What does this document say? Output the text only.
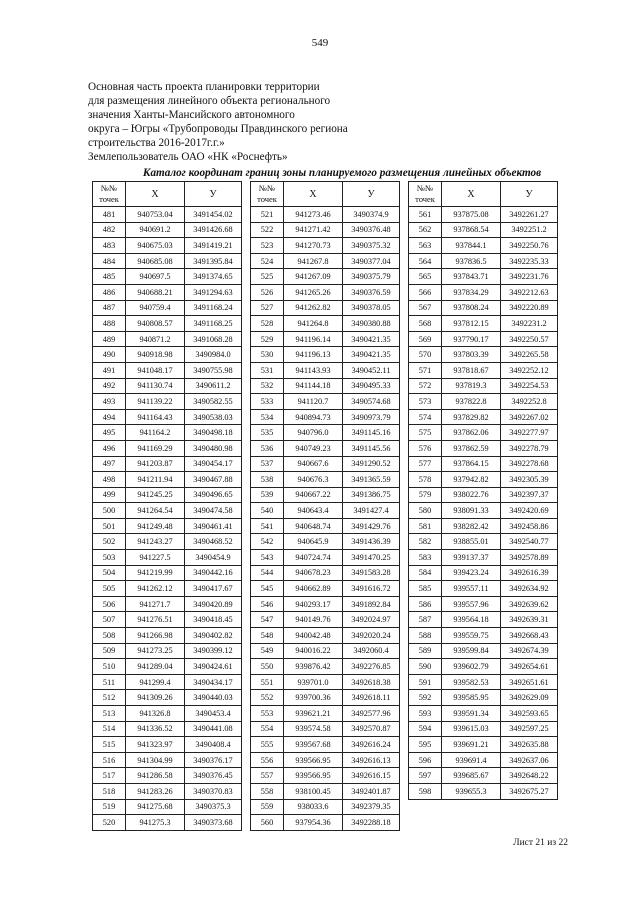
549
Основная часть проекта планировки территории
для размещения линейного объекта регионального
значения Ханты-Мансийского автономного
округа – Югры «Трубопроводы Правдинского региона
строительства 2016-2017г.г.»
Землепользователь ОАО «НК «Роснефть»
Каталог координат границ зоны планируемого размещения линейных объектов
№№
точек	X	У
481	940753.04	3491454.02
482	940691.2	3491426.68
483	940675.03	3491419.21
484	940685.08	3491395.84
485	940697.5	3491374.65
486	940688.21	3491294.63
487	940759.4	3491168.24
488	940808.57	3491168.25
489	940871.2	3491068.28
490	940918.98	3490984.0
491	941048.17	3490755.98
492	941130.74	3490611.2
493	941139.22	3490582.55
494	941164.43	3490538.03
495	941164.2	3490498.18
496	941169.29	3490480.98
497	941203.87	3490454.17
498	941211.94	3490467.88
499	941245.25	3490496.65
500	941264.54	3490474.58
501	941249.48	3490461.41
502	941243.27	3490468.52
503	941227.5	3490454.9
504	941219.99	3490442.16
505	941262.12	3490417.67
506	941271.7	3490420.89
507	941276.51	3490418.45
508	941266.98	3490402.82
509	941273.25	3490399.12
510	941289.04	3490424.61
511	941299.4	3490434.17
512	941309.26	3490440.03
513	941326.8	3490453.4
514	941336.52	3490441.08
515	941323.97	3490408.4
516	941304.99	3490376.17
517	941286.58	3490376.45
518	941283.26	3490370.83
519	941275.68	3490375.3
520	941275.3	3490373.68
№№
точек	X	У
521	941273.46	3490374.9
522	941271.42	3490376.48
523	941270.73	3490375.32
524	941267.8	3490377.04
525	941267.09	3490375.79
526	941265.26	3490376.59
527	941262.82	3490378.05
528	941264.8	3490380.88
529	941196.14	3490421.35
530	941196.13	3490421.35
531	941143.93	3490452.11
532	941144.18	3490495.33
533	941120.7	3490574.68
534	940894.73	3490973.79
535	940796.0	3491145.16
536	940749.23	3491145.56
537	940667.6	3491290.52
538	940676.3	3491365.59
539	940667.22	3491386.75
540	940643.4	3491427.4
541	940648.74	3491429.76
542	940645.9	3491436.39
543	940724.74	3491470.25
544	940678.23	3491583.28
545	940662.89	3491616.72
546	940293.17	3491892.84
547	940149.76	3492024.97
548	940042.48	3492020.24
549	940016.22	3492060.4
550	939876.42	3492276.85
551	939701.0	3492618.38
552	939700.36	3492618.11
553	939621.21	3492577.96
554	939574.58	3492570.87
555	939567.68	3492616.24
556	939566.95	3492616.13
557	939566.95	3492616.15
558	938100.45	3492401.87
559	938033.6	3492379.35
560	937954.36	3492288.18
№№
точек	X	У
561	937875.08	3492261.27
562	937868.54	3492251.2
563	937844.1	3492250.76
564	937836.5	3492235.33
565	937843.71	3492231.76
566	937834.29	3492212.63
567	937808.24	3492220.89
568	937812.15	3492231.2
569	937790.17	3492250.57
570	937803.39	3492265.58
571	937818.67	3492252.12
572	937819.3	3492254.53
573	937822.8	3492252.8
574	937829.82	3492267.02
575	937862.06	3492277.97
576	937862.59	3492278.79
577	937864.15	3492278.68
578	937942.82	3492305.39
579	938022.76	3492397.37
580	938091.33	3492420.69
581	938282.42	3492458.86
582	938855.01	3492540.77
583	939137.37	3492578.89
584	939423.24	3492616.39
585	939557.11	3492634.92
586	939557.96	3492639.62
587	939564.18	3492639.31
588	939559.75	3492668.43
589	939599.84	3492674.39
590	939602.79	3492654.61
591	939582.53	3492651.61
592	939585.95	3492629.09
593	939591.34	3492593.65
594	939615.03	3492597.25
595	939691.21	3492635.88
596	939691.4	3492637.06
597	939685.67	3492648.22
598	939655.3	3492675.27
Лист 21 из 22
